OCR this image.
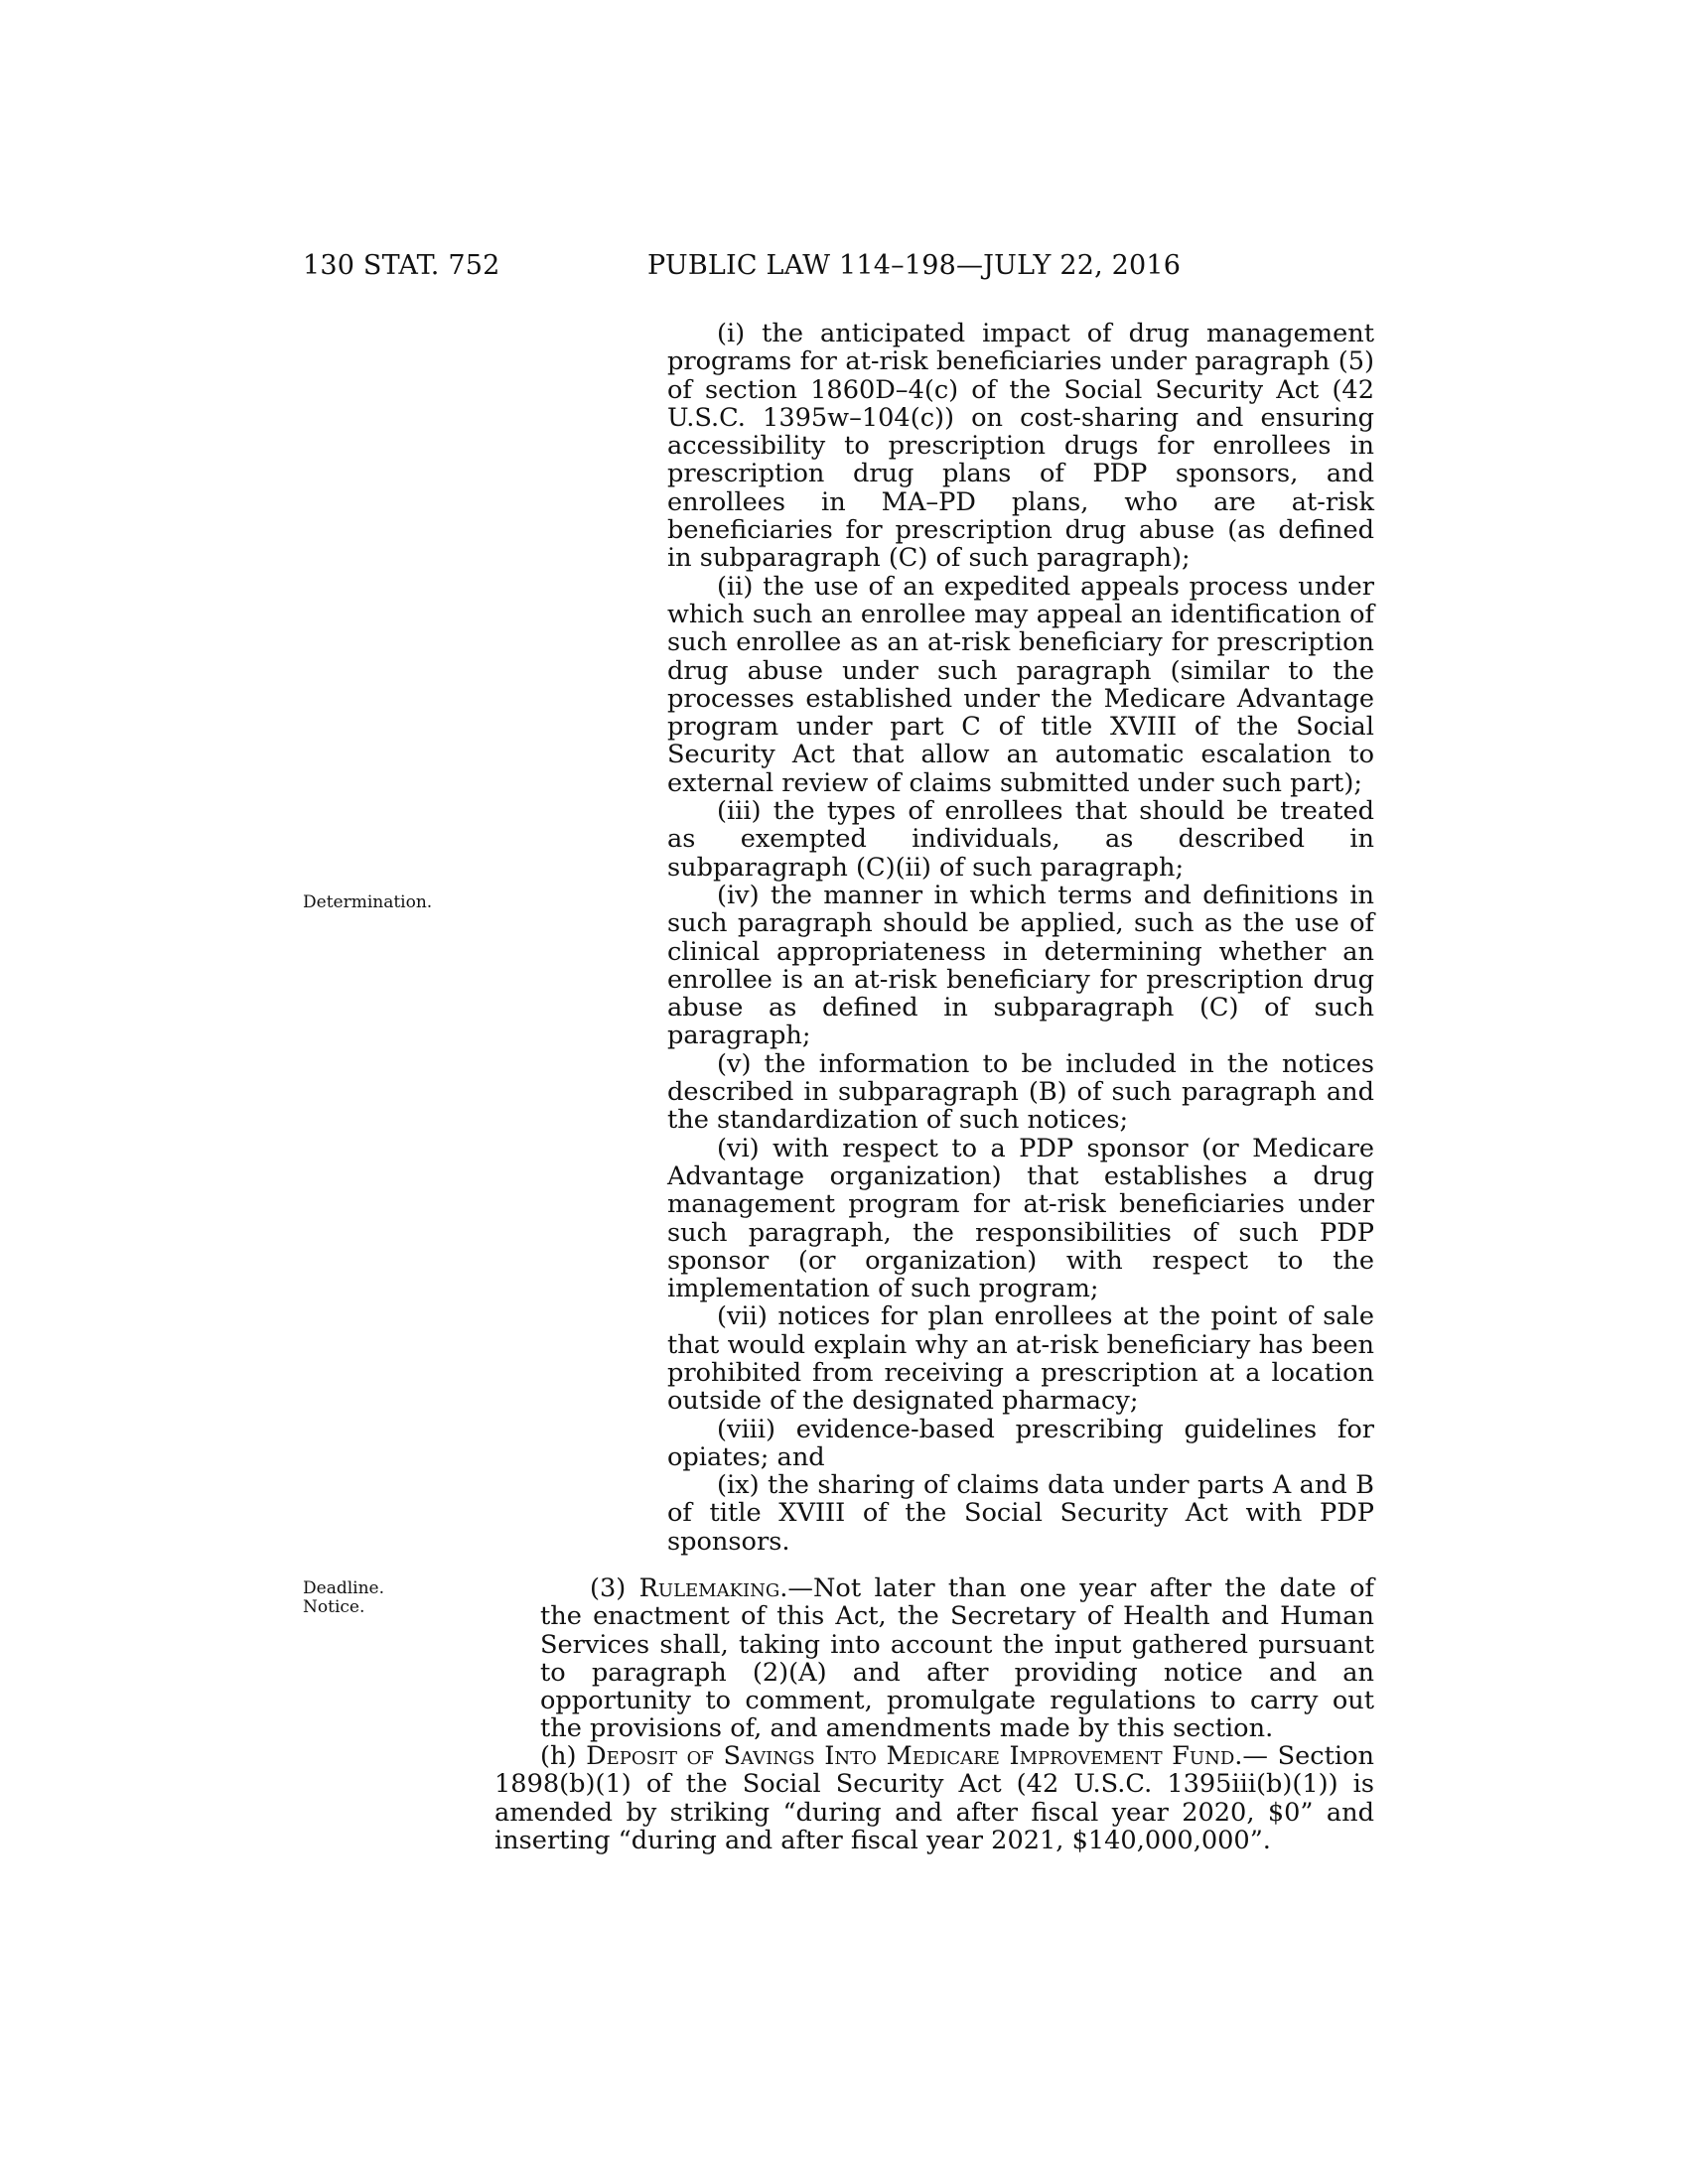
130 STAT. 752	PUBLIC LAW 114–198—JULY 22, 2016
Determination.
Deadline.
Notice.

(i) the anticipated impact of drug management programs for at-risk beneficiaries under paragraph (5) of section 1860D–4(c) of the Social Security Act (42 U.S.C. 1395w–104(c)) on cost-sharing and ensuring accessibility to prescription drugs for enrollees in prescription drug plans of PDP sponsors, and enrollees in MA–PD plans, who are at-risk beneficiaries for prescription drug abuse (as defined in subparagraph (C) of such paragraph);

(ii) the use of an expedited appeals process under which such an enrollee may appeal an identification of such enrollee as an at-risk beneficiary for prescription drug abuse under such paragraph (similar to the processes established under the Medicare Advantage program under part C of title XVIII of the Social Security Act that allow an automatic escalation to external review of claims submitted under such part);

(iii) the types of enrollees that should be treated as exempted individuals, as described in subparagraph (C)(ii) of such paragraph;

(iv) the manner in which terms and definitions in such paragraph should be applied, such as the use of clinical appropriateness in determining whether an enrollee is an at-risk beneficiary for prescription drug abuse as defined in subparagraph (C) of such paragraph;

(v) the information to be included in the notices described in subparagraph (B) of such paragraph and the standardization of such notices;

(vi) with respect to a PDP sponsor (or Medicare Advantage organization) that establishes a drug management program for at-risk beneficiaries under such paragraph, the responsibilities of such PDP sponsor (or organization) with respect to the implementation of such program;

(vii) notices for plan enrollees at the point of sale that would explain why an at-risk beneficiary has been prohibited from receiving a prescription at a location outside of the designated pharmacy;

(viii) evidence-based prescribing guidelines for opiates; and

(ix) the sharing of claims data under parts A and B of title XVIII of the Social Security Act with PDP sponsors.

(3) Rulemaking.—Not later than one year after the date of the enactment of this Act, the Secretary of Health and Human Services shall, taking into account the input gathered pursuant to paragraph (2)(A) and after providing notice and an opportunity to comment, promulgate regulations to carry out the provisions of, and amendments made by this section.

(h) Deposit of Savings Into Medicare Improvement Fund.— Section 1898(b)(1) of the Social Security Act (42 U.S.C. 1395iii(b)(1)) is amended by striking “during and after fiscal year 2020, $0” and inserting “during and after fiscal year 2021, $140,000,000”.
